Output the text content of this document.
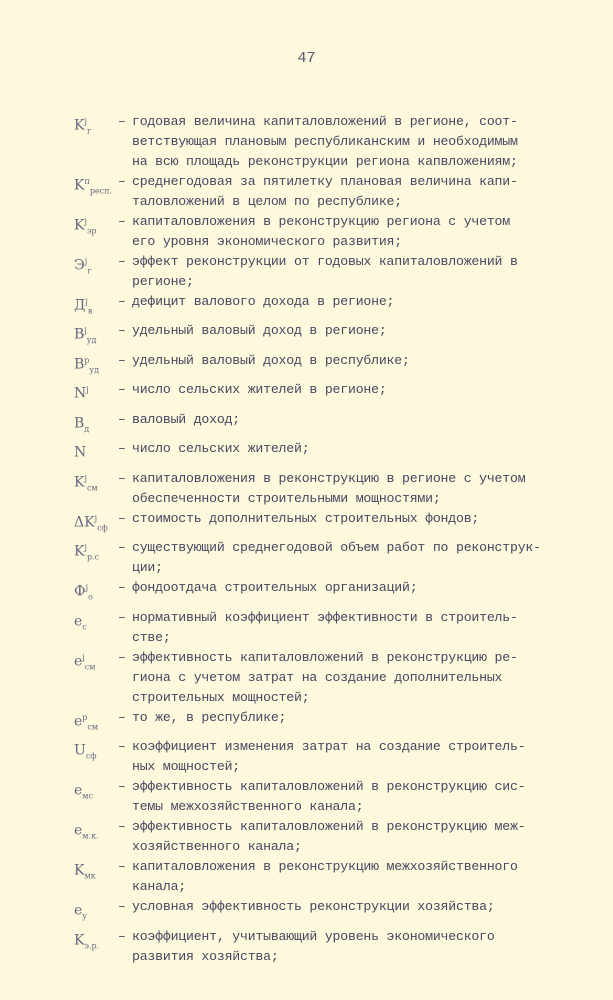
47
$K^j_г$
– годовая величина капиталовложений в регионе, соот-
ветствующая плановым республиканским и необходимым
на всю площадь реконструкции региона капвложениям;
$K^п_{респ.}$
– среднегодовая за пятилетку плановая величина капи-
таловложений в целом по республике;
$K^j_{эр}$
– капиталовложения в реконструкцию региона с учетом
его уровня экономического развития;
$Э^j_г$
– эффект реконструкции от годовых капиталовложений в
регионе;
$Д^j_в$
– дефицит валового дохода в регионе;
$В^j_{уд}$
– удельный валовый доход в регионе;
$В^р_{уд}$
– удельный валовый доход в республике;
$N^j$	– число сельских жителей в регионе;
$В_д$
– валовый доход;
N	– число сельских жителей;
$K^j_{см}$
– капиталовложения в реконструкцию в регионе с учетом
обеспеченности строительными мощностями;
$\Delta K^j_{сф}$
– стоимость дополнительных строительных фондов;
$K^j_{р.с}$
– существующий среднегодовой объем работ по реконструк-
ции;
$Ф^j_о$
– фондоотдача строительных организаций;
$e_с$
– нормативный коэффициент эффективности в строитель-
стве;
$e^j_{см}$
– эффективность капиталовложений в реконструкцию ре-
гиона с учетом затрат на создание дополнительных
строительных мощностей;
$e^р_{см}$
– то же, в республике;
$U_{сф}$
– коэффициент изменения затрат на создание строитель-
ных мощностей;
$e_{мс}$
– эффективность капиталовложений в реконструкцию сис-
темы межхозяйственного канала;
$e_{м.к.}$
– эффективность капиталовложений в реконструкцию меж-
хозяйственного канала;
$K_{мк}$
– капиталовложения в реконструкцию межхозяйственного
канала;
$e_у$
– условная эффективность реконструкции хозяйства;
$K_{э.р.}$
– коэффициент, учитывающий уровень экономического
развития хозяйства;
